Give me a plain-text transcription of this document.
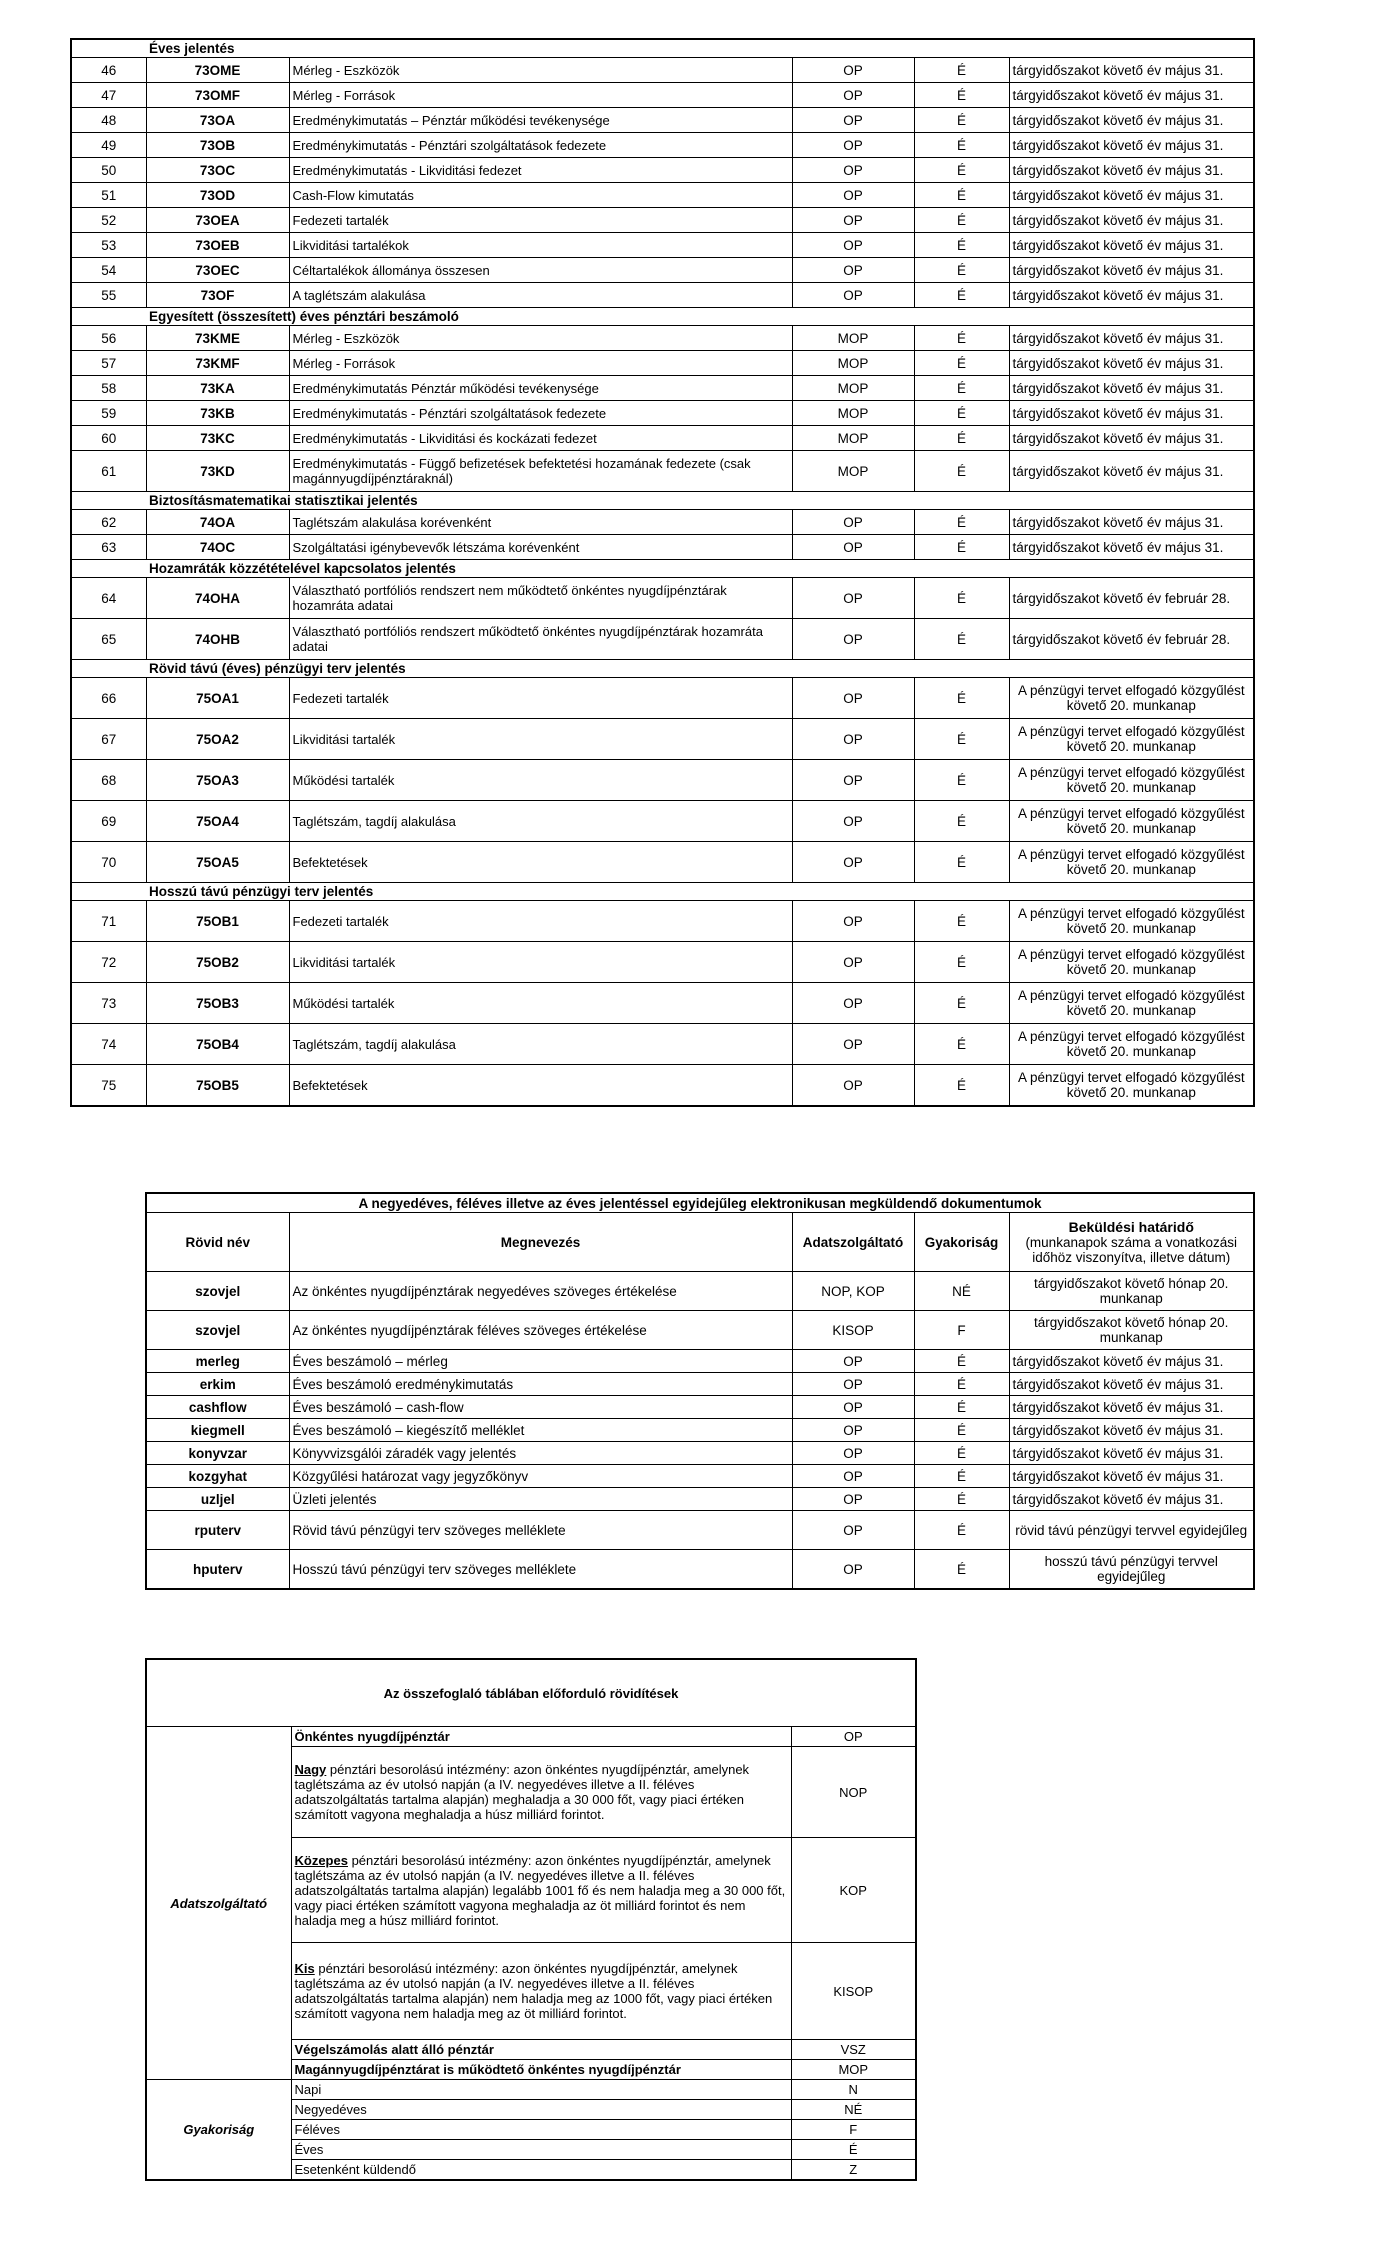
	Éves jelentés				
46	73OME	Mérleg - Eszközök	OP	É	tárgyidőszakot követő év május 31.
47	73OMF	Mérleg - Források	OP	É	tárgyidőszakot követő év május 31.
48	73OA	Eredménykimutatás – Pénztár működési tevékenysége	OP	É	tárgyidőszakot követő év május 31.
49	73OB	Eredménykimutatás - Pénztári szolgáltatások fedezete	OP	É	tárgyidőszakot követő év május 31.
50	73OC	Eredménykimutatás - Likviditási fedezet	OP	É	tárgyidőszakot követő év május 31.
51	73OD	Cash-Flow kimutatás	OP	É	tárgyidőszakot követő év május 31.
52	73OEA	Fedezeti tartalék	OP	É	tárgyidőszakot követő év május 31.
53	73OEB	Likviditási tartalékok	OP	É	tárgyidőszakot követő év május 31.
54	73OEC	Céltartalékok állománya összesen	OP	É	tárgyidőszakot követő év május 31.
55	73OF	A taglétszám alakulása	OP	É	tárgyidőszakot követő év május 31.
	Egyesített (összesített) éves pénztári beszámoló				
56	73KME	Mérleg - Eszközök	MOP	É	tárgyidőszakot követő év május 31.
57	73KMF	Mérleg - Források	MOP	É	tárgyidőszakot követő év május 31.
58	73KA	Eredménykimutatás Pénztár működési tevékenysége	MOP	É	tárgyidőszakot követő év május 31.
59	73KB	Eredménykimutatás - Pénztári szolgáltatások fedezete	MOP	É	tárgyidőszakot követő év május 31.
60	73KC	Eredménykimutatás - Likviditási és kockázati fedezet	MOP	É	tárgyidőszakot követő év május 31.
61	73KD	Eredménykimutatás - Függő befizetések befektetési hozamának fedezete (csak magánnyugdíjpénztáraknál)	MOP	É	tárgyidőszakot követő év május 31.
	Biztosításmatematikai statisztikai jelentés				
62	74OA	Taglétszám alakulása korévenként	OP	É	tárgyidőszakot követő év május 31.
63	74OC	Szolgáltatási igénybevevők létszáma korévenként	OP	É	tárgyidőszakot követő év május 31.
	Hozamráták közzétételével kapcsolatos jelentés				
64	74OHA	Választható portfóliós rendszert nem működtető önkéntes nyugdíjpénztárak hozamráta adatai	OP	É	tárgyidőszakot követő év február 28.
65	74OHB	Választható portfóliós rendszert működtető önkéntes nyugdíjpénztárak hozamráta adatai	OP	É	tárgyidőszakot követő év február 28.
	Rövid távú (éves) pénzügyi terv jelentés				
66	75OA1	Fedezeti tartalék	OP	É	A pénzügyi tervet elfogadó közgyűlést követő 20. munkanap
67	75OA2	Likviditási tartalék	OP	É	A pénzügyi tervet elfogadó közgyűlést követő 20. munkanap
68	75OA3	Működési tartalék	OP	É	A pénzügyi tervet elfogadó közgyűlést követő 20. munkanap
69	75OA4	Taglétszám, tagdíj alakulása	OP	É	A pénzügyi tervet elfogadó közgyűlést követő 20. munkanap
70	75OA5	Befektetések	OP	É	A pénzügyi tervet elfogadó közgyűlést követő 20. munkanap
	Hosszú távú pénzügyi terv jelentés				
71	75OB1	Fedezeti tartalék	OP	É	A pénzügyi tervet elfogadó közgyűlést követő 20. munkanap
72	75OB2	Likviditási tartalék	OP	É	A pénzügyi tervet elfogadó közgyűlést követő 20. munkanap
73	75OB3	Működési tartalék	OP	É	A pénzügyi tervet elfogadó közgyűlést követő 20. munkanap
74	75OB4	Taglétszám, tagdíj alakulása	OP	É	A pénzügyi tervet elfogadó közgyűlést követő 20. munkanap
75	75OB5	Befektetések	OP	É	A pénzügyi tervet elfogadó közgyűlést követő 20. munkanap
A negyedéves, féléves illetve az éves jelentéssel egyidejűleg elektronikusan megküldendő dokumentumok				
Rövid név	Megnevezés	Adatszolgáltató	Gyakoriság	Beküldési határidő
(munkanapok száma a vonatkozási időhöz viszonyítva, illetve dátum)

szovjel	Az önkéntes nyugdíjpénztárak negyedéves szöveges értékelése	NOP, KOP	NÉ	tárgyidőszakot követő hónap 20. munkanap
szovjel	Az önkéntes nyugdíjpénztárak féléves szöveges értékelése	KISOP	F	tárgyidőszakot követő hónap 20. munkanap
merleg	Éves beszámoló – mérleg	OP	É	tárgyidőszakot követő év május 31.
erkim	Éves beszámoló eredménykimutatás	OP	É	tárgyidőszakot követő év május 31.
cashflow	Éves beszámoló – cash-flow	OP	É	tárgyidőszakot követő év május 31.
kiegmell	Éves beszámoló – kiegészítő melléklet	OP	É	tárgyidőszakot követő év május 31.
konyvzar	Könyvvizsgálói záradék vagy jelentés	OP	É	tárgyidőszakot követő év május 31.
kozgyhat	Közgyűlési határozat vagy jegyzőkönyv	OP	É	tárgyidőszakot követő év május 31.
uzljel	Üzleti jelentés	OP	É	tárgyidőszakot követő év május 31.
rputerv	Rövid távú pénzügyi terv szöveges melléklete	OP	É	rövid távú pénzügyi tervvel egyidejűleg
hputerv	Hosszú távú pénzügyi terv szöveges melléklete	OP	É	hosszú távú pénzügyi tervvel egyidejűleg
Az összefoglaló táblában előforduló rövidítések		
Adatszolgáltató	Önkéntes nyugdíjpénztár	OP
	Nagy pénztári besorolású intézmény: azon önkéntes nyugdíjpénztár, amelynek taglétszáma az év utolsó napján (a IV. negyedéves illetve a II. féléves adatszolgáltatás tartalma alapján) meghaladja a 30 000 főt, vagy piaci értéken számított vagyona meghaladja a húsz milliárd forintot.	NOP
	Közepes pénztári besorolású intézmény: azon önkéntes nyugdíjpénztár, amelynek taglétszáma az év utolsó napján (a IV. negyedéves illetve a II. féléves adatszolgáltatás tartalma alapján) legalább 1001 fő és nem haladja meg a 30 000 főt, vagy piaci értéken számított vagyona meghaladja az öt milliárd forintot és nem haladja meg a húsz milliárd forintot.	KOP
	Kis pénztári besorolású intézmény: azon önkéntes nyugdíjpénztár, amelynek taglétszáma az év utolsó napján (a IV. negyedéves illetve a II. féléves adatszolgáltatás tartalma alapján) nem haladja meg az 1000 főt, vagy piaci értéken számított vagyona nem haladja meg az öt milliárd forintot.	KISOP
	Végelszámolás alatt álló pénztár	VSZ
	Magánnyugdíjpénztárat is működtető önkéntes nyugdíjpénztár	MOP
Gyakoriság	Napi	N
	Negyedéves	NÉ
	Féléves	F
	Éves	É
	Esetenként küldendő	Z
